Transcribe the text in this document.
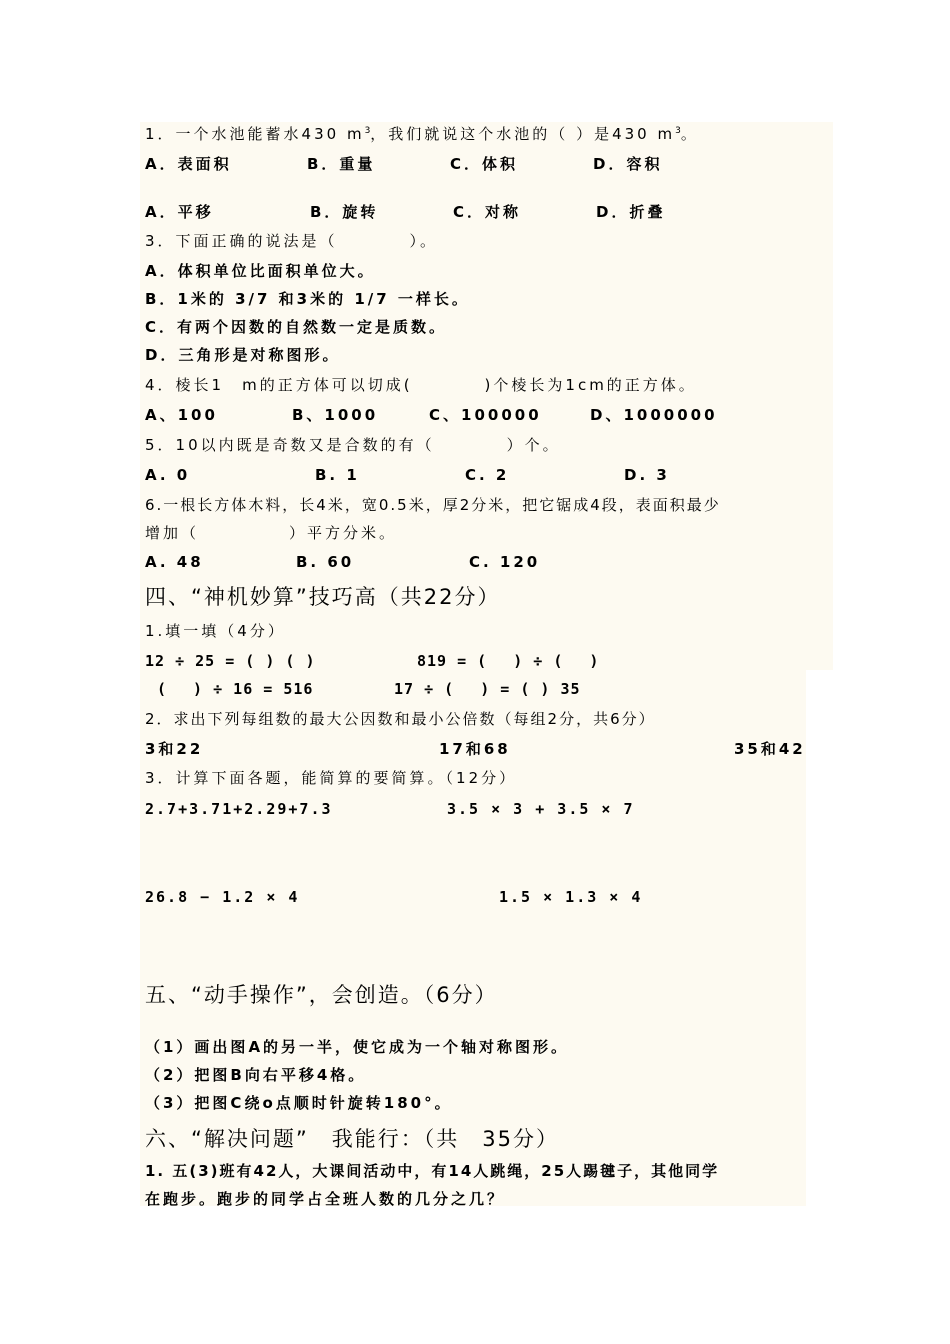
1．一个水池能蓄水430 $m^3$，我们就说这个水池的（ ）是430 $m^3$。
A．表面积	B．重量	C．体积	D．容积
A．平移	B．旋转	C．对称	D．折叠
3．下面正确的说法是（　　　　）。
A．体积单位比面积单位大。
B．1米的 3/7 和3米的 1/7 一样长。
C．有两个因数的自然数一定是质数。
D．三角形是对称图形。
4．棱长1　m的正方体可以切成(　　　　)个棱长为1cm的正方体。
A、100	B、1000	C、100000	D、1000000
5．10以内既是奇数又是合数的有（　　　　）个。
A. 0	B. 1	C. 2	D. 3
6.一根长方体木料，长4米，宽0.5米，厚2分米，把它锯成4段，表面积最少
增加（　　　　　）平方分米。
A. 48	B. 60	C. 120
四、“神机妙算”技巧高（共22分）
1.填一填（4分）
12 ÷ 25 = ( ) ( )	819 = (　 ) ÷ (　 )
(　 ) ÷ 16 = 516	17 ÷ (　 ) = ( ) 35
2．求出下列每组数的最大公因数和最小公倍数（每组2分，共6分）
3和22	17和68	35和42
3．计算下面各题，能简算的要简算。（12分）
2.7+3.71+2.29+7.3	3.5 × 3 + 3.5 × 7
26.8 − 1.2 × 4	1.5 × 1.3 × 4
五、“动手操作”，会创造。（6分）
（1）画出图A的另一半，使它成为一个轴对称图形。
（2）把图B向右平移4格。
（3）把图C绕o点顺时针旋转180°。
六、“解决问题”　我能行：（共　35分）
1. 五(3)班有42人，大课间活动中，有14人跳绳，25人踢毽子，其他同学
在跑步。跑步的同学占全班人数的几分之几？
